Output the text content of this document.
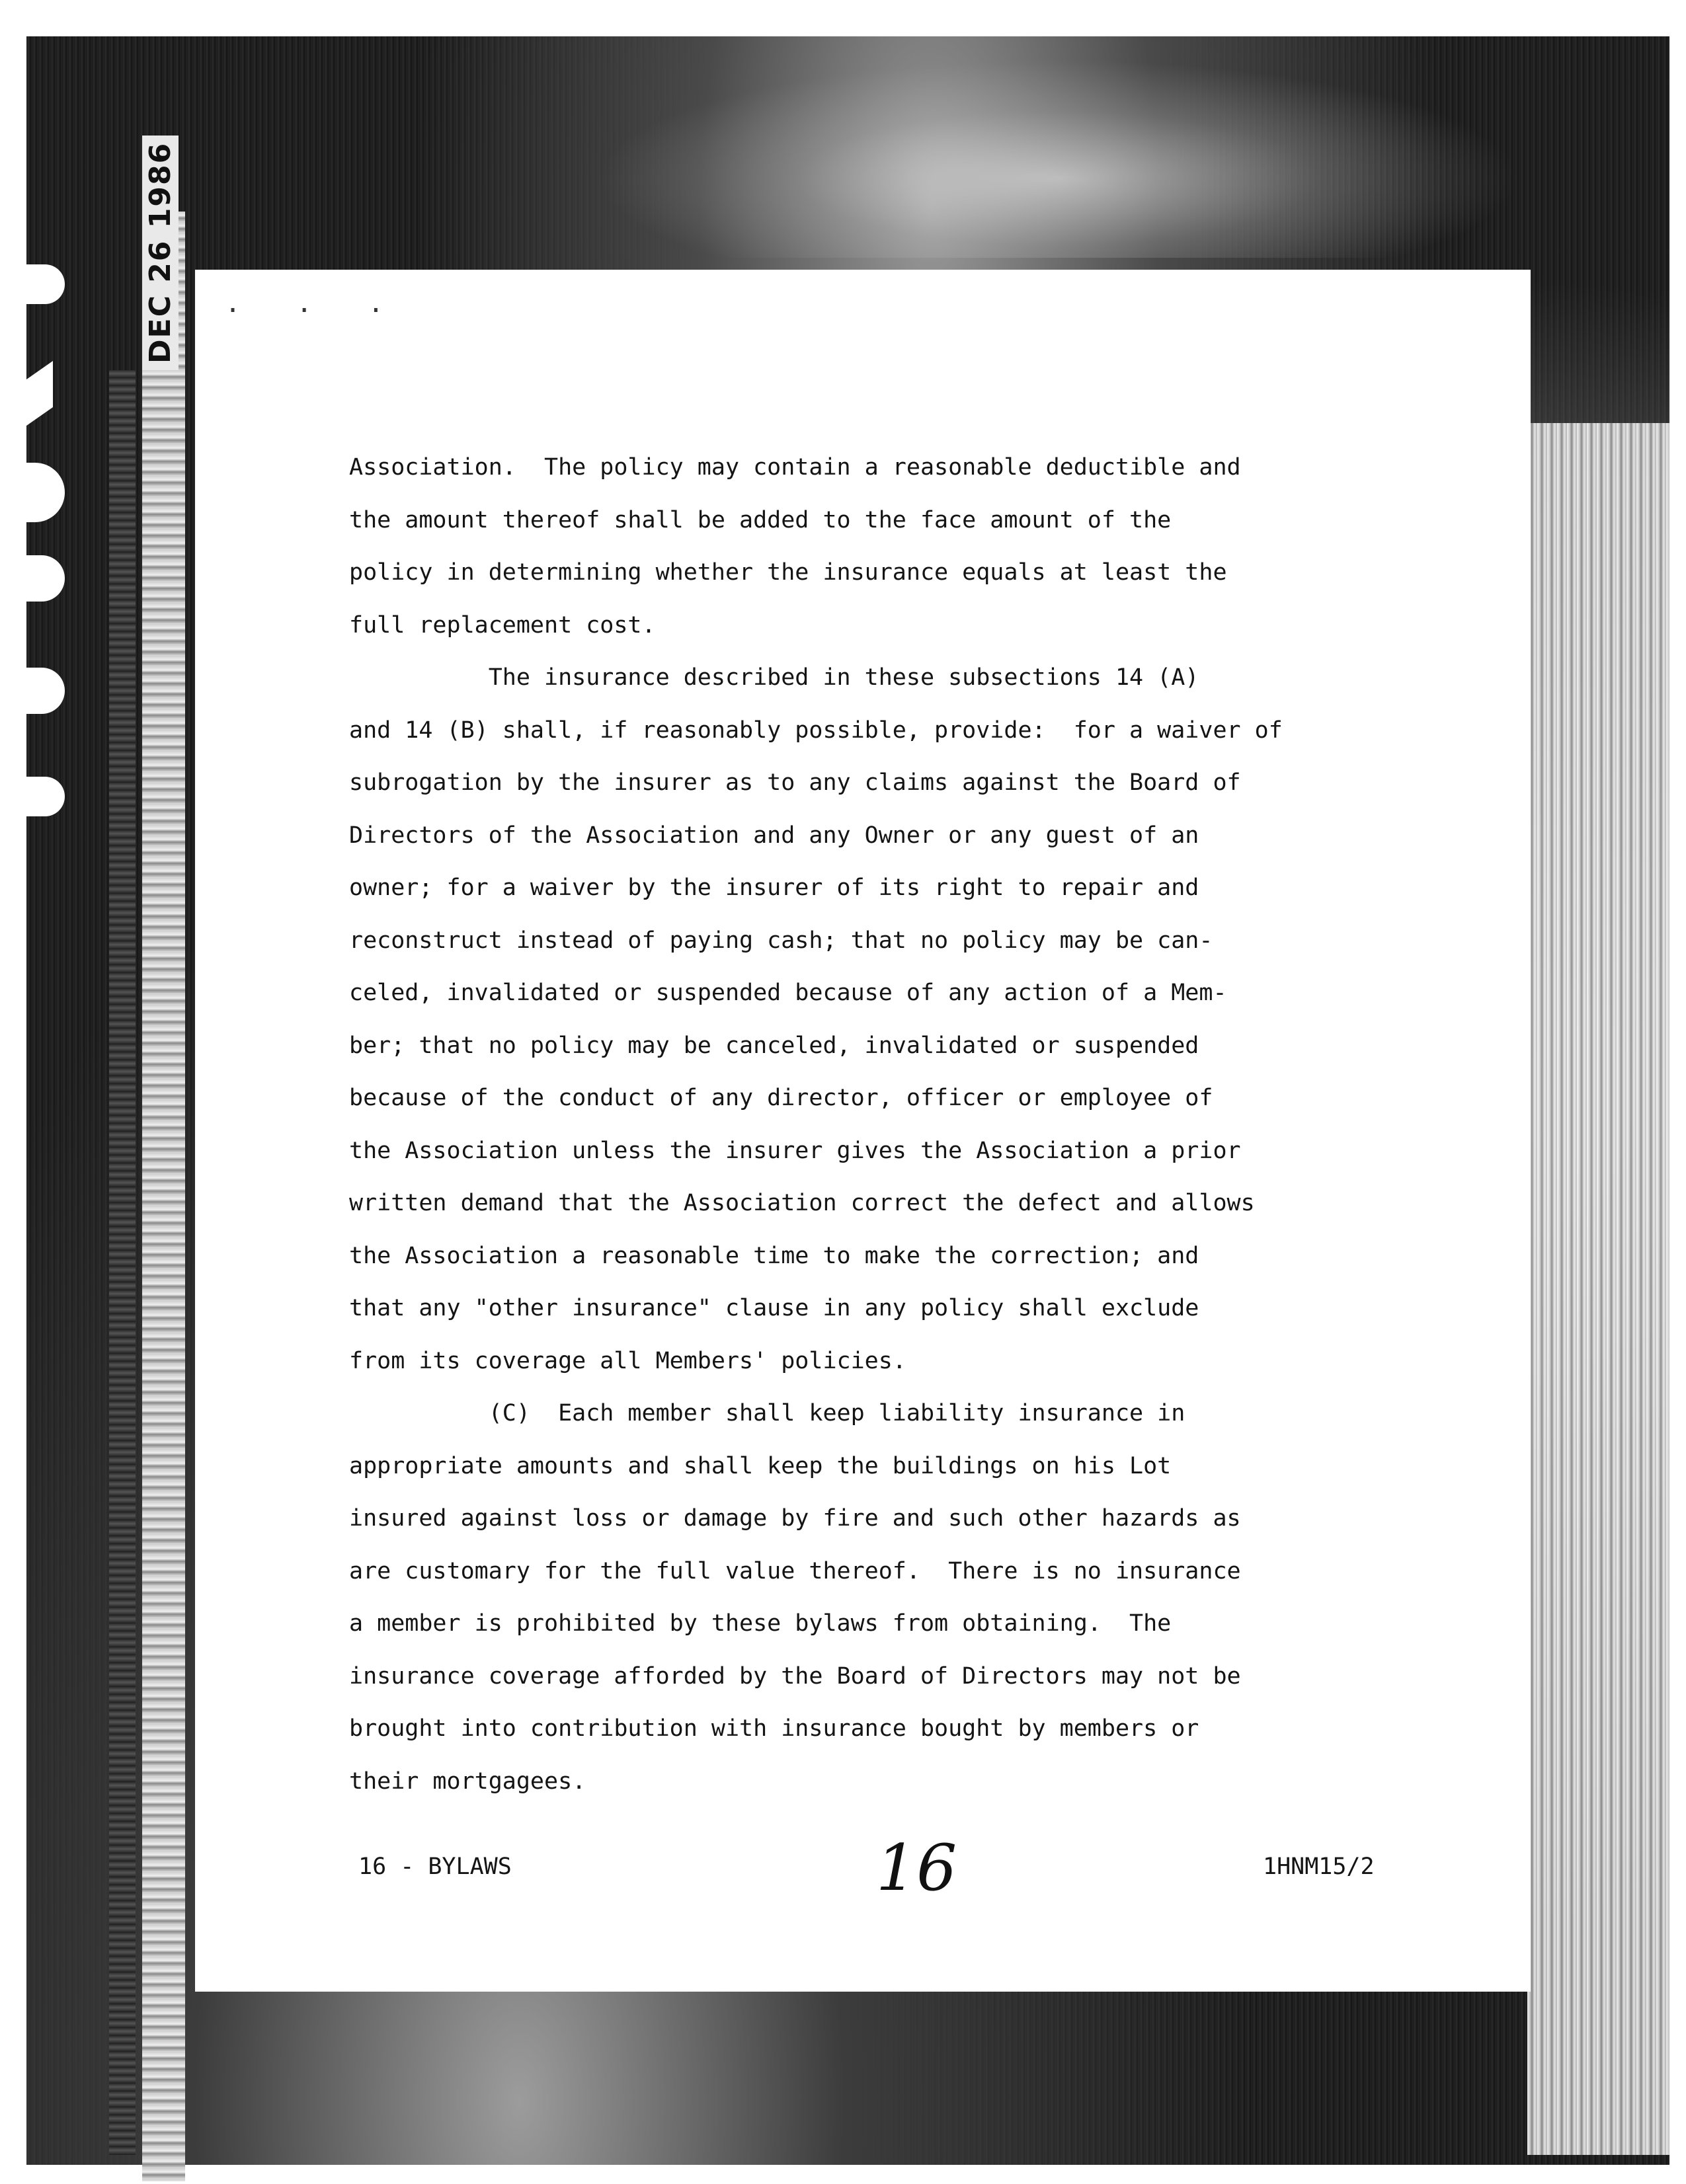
DEC 26 1986 · · ·
Association.  The policy may contain a reasonable deductible and
the amount thereof shall be added to the face amount of the
policy in determining whether the insurance equals at least the
full replacement cost.
The insurance described in these subsections 14 (A)
and 14 (B) shall, if reasonably possible, provide:  for a waiver of
subrogation by the insurer as to any claims against the Board of
Directors of the Association and any Owner or any guest of an
owner; for a waiver by the insurer of its right to repair and
reconstruct instead of paying cash; that no policy may be can-
celed, invalidated or suspended because of any action of a Mem-
ber; that no policy may be canceled, invalidated or suspended
because of the conduct of any director, officer or employee of
the Association unless the insurer gives the Association a prior
written demand that the Association correct the defect and allows
the Association a reasonable time to make the correction; and
that any "other insurance" clause in any policy shall exclude
from its coverage all Members' policies.
(C)  Each member shall keep liability insurance in
appropriate amounts and shall keep the buildings on his Lot
insured against loss or damage by fire and such other hazards as
are customary for the full value thereof.  There is no insurance
a member is prohibited by these bylaws from obtaining.  The
insurance coverage afforded by the Board of Directors may not be
brought into contribution with insurance bought by members or
their mortgagees.
16 - BYLAWS	16	1HNM15/2
